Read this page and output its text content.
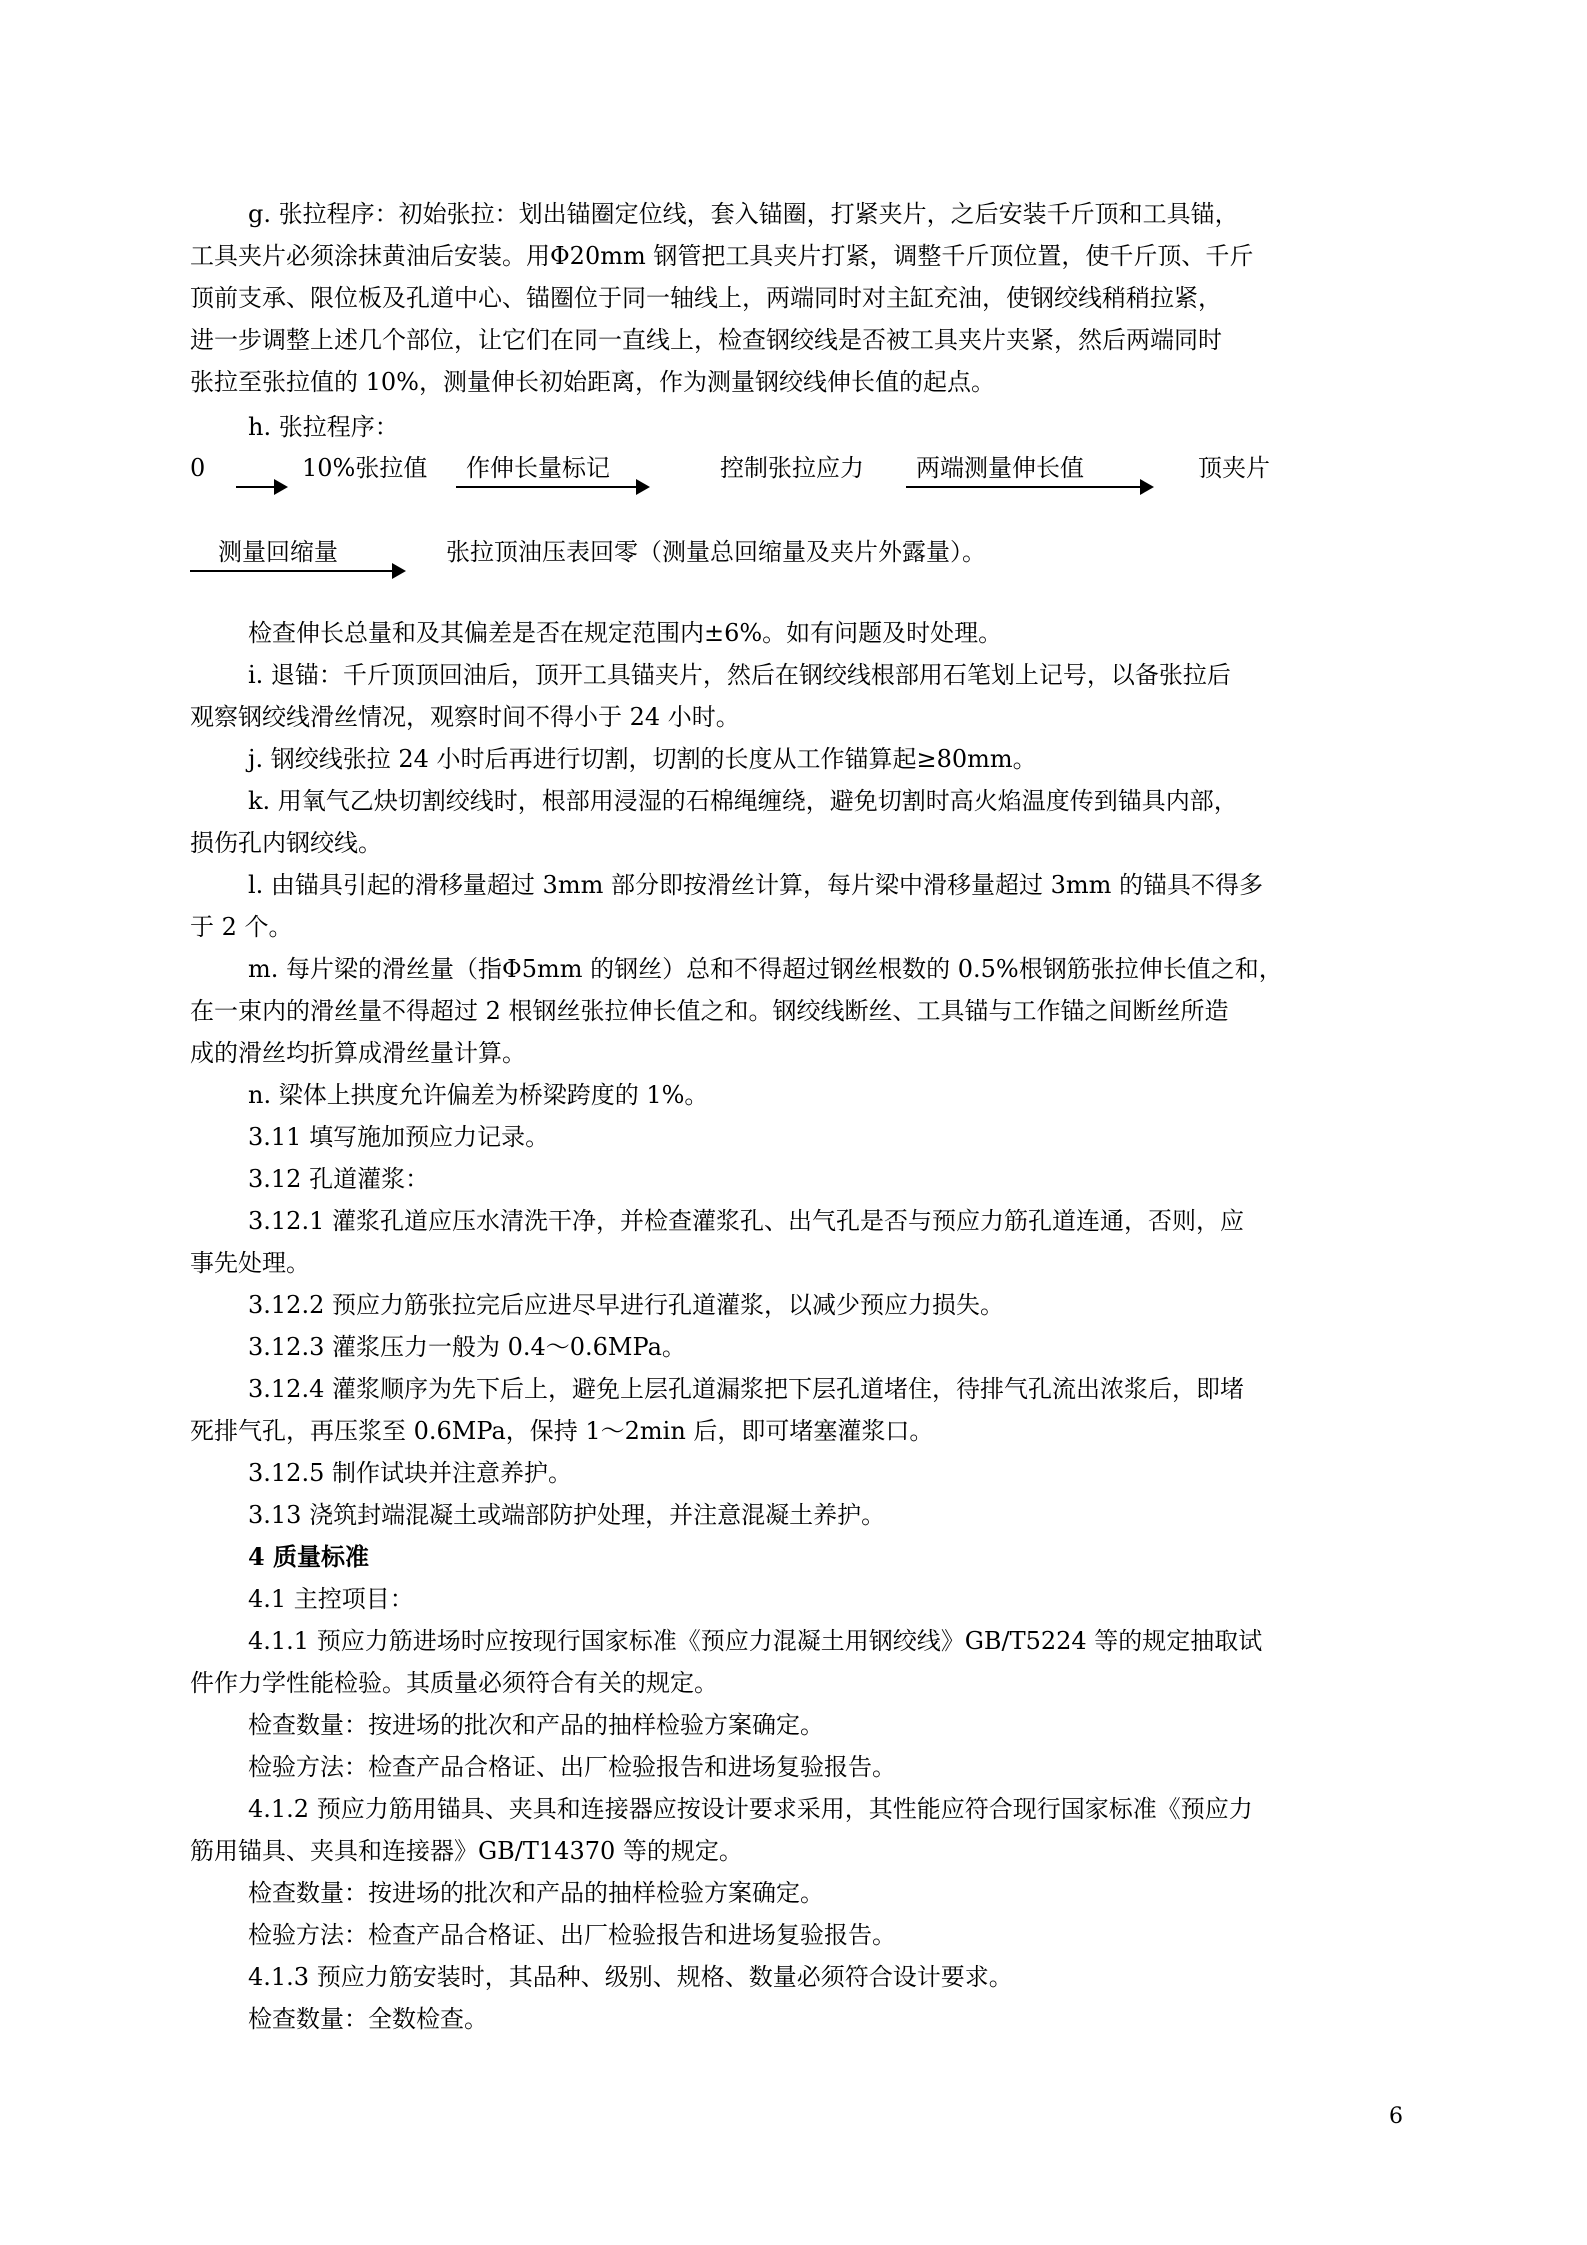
g. 张拉程序：初始张拉：划出锚圈定位线，套入锚圈，打紧夹片，之后安装千斤顶和工具锚，
工具夹片必须涂抹黄油后安装。用Φ20mm 钢管把工具夹片打紧，调整千斤顶位置，使千斤顶、千斤
顶前支承、限位板及孔道中心、锚圈位于同一轴线上，两端同时对主缸充油，使钢绞线稍稍拉紧，
进一步调整上述几个部位，让它们在同一直线上，检查钢绞线是否被工具夹片夹紧，然后两端同时
张拉至张拉值的 10%，测量伸长初始距离，作为测量钢绞线伸长值的起点。
h. 张拉程序：
0	10%张拉值 作伸长量标记	控制张拉应力 两端测量伸长值	顶夹片
测量回缩量	张拉顶油压表回零（测量总回缩量及夹片外露量）。
检查伸长总量和及其偏差是否在规定范围内±6%。如有问题及时处理。
i. 退锚：千斤顶顶回油后，顶开工具锚夹片，然后在钢绞线根部用石笔划上记号，以备张拉后
观察钢绞线滑丝情况，观察时间不得小于 24 小时。
j. 钢绞线张拉 24 小时后再进行切割，切割的长度从工作锚算起≥80mm。
k. 用氧气乙炔切割绞线时，根部用浸湿的石棉绳缠绕，避免切割时高火焰温度传到锚具内部，
损伤孔内钢绞线。
l. 由锚具引起的滑移量超过 3mm 部分即按滑丝计算，每片梁中滑移量超过 3mm 的锚具不得多
于 2 个。
m. 每片梁的滑丝量（指Φ5mm 的钢丝）总和不得超过钢丝根数的 0.5%根钢筋张拉伸长值之和，
在一束内的滑丝量不得超过 2 根钢丝张拉伸长值之和。钢绞线断丝、工具锚与工作锚之间断丝所造
成的滑丝均折算成滑丝量计算。
n. 梁体上拱度允许偏差为桥梁跨度的 1%。
3.11 填写施加预应力记录。
3.12 孔道灌浆：
3.12.1 灌浆孔道应压水清洗干净，并检查灌浆孔、出气孔是否与预应力筋孔道连通，否则，应
事先处理。
3.12.2 预应力筋张拉完后应进尽早进行孔道灌浆，以减少预应力损失。
3.12.3 灌浆压力一般为 0.4～0.6MPa。
3.12.4 灌浆顺序为先下后上，避免上层孔道漏浆把下层孔道堵住，待排气孔流出浓浆后，即堵
死排气孔，再压浆至 0.6MPa，保持 1～2min 后，即可堵塞灌浆口。
3.12.5 制作试块并注意养护。
3.13 浇筑封端混凝土或端部防护处理，并注意混凝土养护。
4 质量标准
4.1 主控项目：
4.1.1 预应力筋进场时应按现行国家标准《预应力混凝土用钢绞线》GB/T5224 等的规定抽取试
件作力学性能检验。其质量必须符合有关的规定。
检查数量：按进场的批次和产品的抽样检验方案确定。
检验方法：检查产品合格证、出厂检验报告和进场复验报告。
4.1.2 预应力筋用锚具、夹具和连接器应按设计要求采用，其性能应符合现行国家标准《预应力
筋用锚具、夹具和连接器》GB/T14370 等的规定。
检查数量：按进场的批次和产品的抽样检验方案确定。
检验方法：检查产品合格证、出厂检验报告和进场复验报告。
4.1.3 预应力筋安装时，其品种、级别、规格、数量必须符合设计要求。
检查数量：全数检查。
6
